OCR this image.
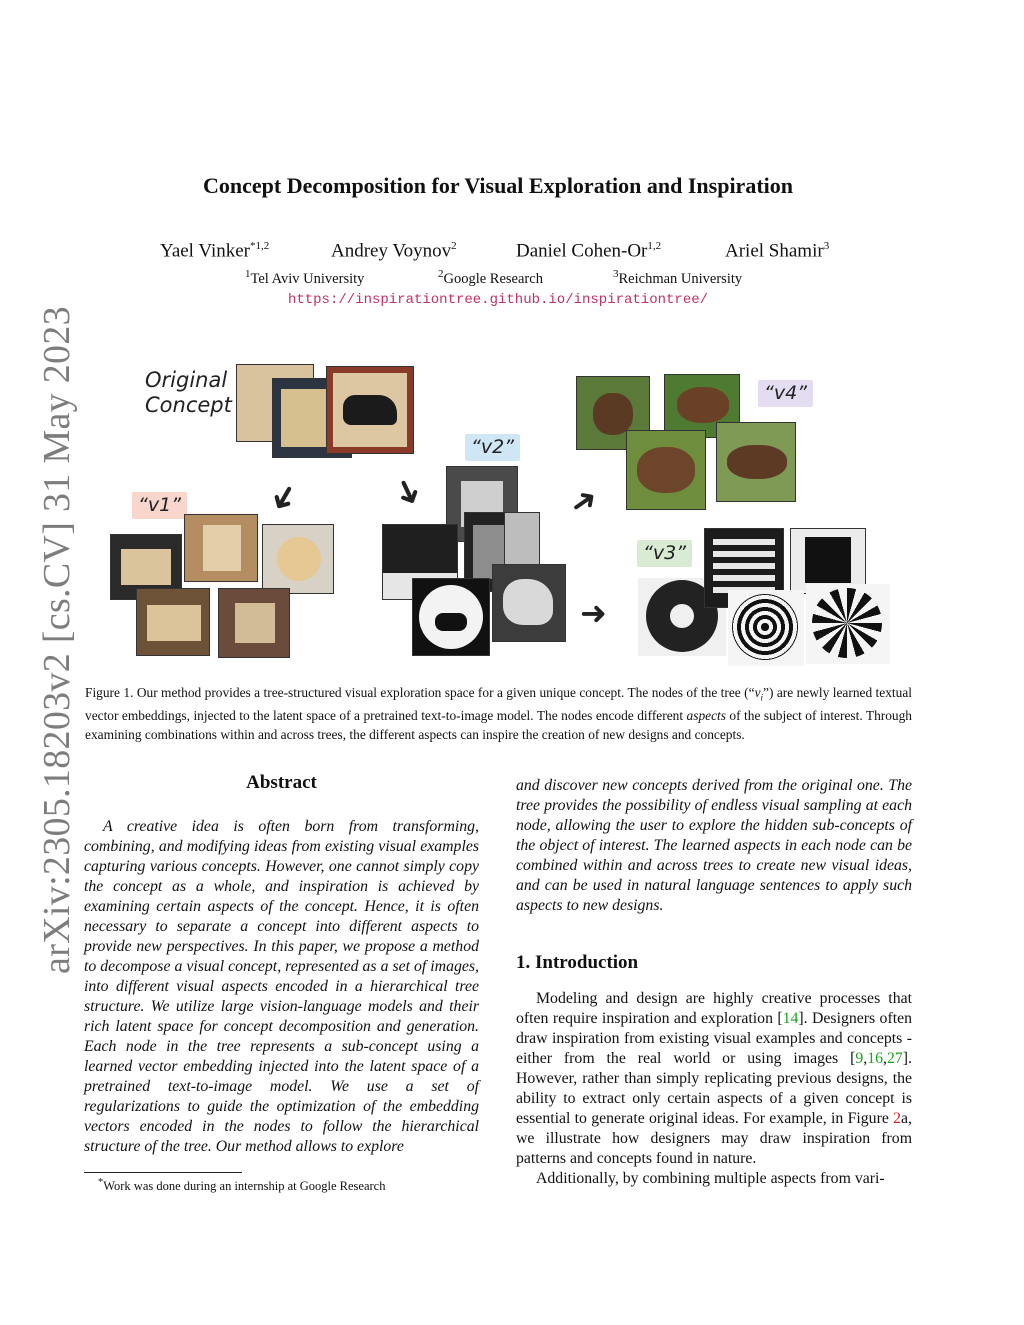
arXiv:2305.18203v2 [cs.CV] 31 May 2023
Concept Decomposition for Visual Exploration and Inspiration
Yael Vinker$^{*1,2}$	Andrey Voynov$^2$	Daniel Cohen-Or$^{1,2}$	Ariel Shamir$^3$
$^1$Tel Aviv University	$^2$Google Research	$^3$Reichman University
https://inspirationtree.github.io/inspirationtree/
Original
Concept
“v1” ➜ ➜
“v2”
➜
➜
“v4”
“v3”
Figure 1. Our method provides a tree-structured visual exploration space for a given unique concept. The nodes of the tree $(“v_i”)$ are newly learned textual vector embeddings, injected to the latent space of a pretrained text-to-image model. The nodes encode different aspects of the subject of interest. Through examining combinations within and across trees, the different aspects can inspire the creation of new designs and concepts.
Abstract

A creative idea is often born from transforming, combining, and modifying ideas from existing visual examples capturing various concepts. However, one cannot simply copy the concept as a whole, and inspiration is achieved by examining certain aspects of the concept. Hence, it is often necessary to separate a concept into different aspects to provide new perspectives. In this paper, we propose a method to decompose a visual concept, represented as a set of images, into different visual aspects encoded in a hierarchical tree structure. We utilize large vision-language models and their rich latent space for concept decomposition and generation. Each node in the tree represents a sub-concept using a learned vector embedding injected into the latent space of a pretrained text-to-image model. We use a set of regularizations to guide the optimization of the embedding vectors encoded in the nodes to follow the hierarchical structure of the tree. Our method allows to explore

and discover new concepts derived from the original one. The tree provides the possibility of endless visual sampling at each node, allowing the user to explore the hidden sub-concepts of the object of interest. The learned aspects in each node can be combined within and across trees to create new visual ideas, and can be used in natural language sentences to apply such aspects to new designs.

1. Introduction

Modeling and design are highly creative processes that often require inspiration and exploration [14]. Designers often draw inspiration from existing visual examples and concepts - either from the real world or using images [9,16,27]. However, rather than simply replicating previous designs, the ability to extract only certain aspects of a given concept is essential to generate original ideas. For example, in Figure 2a, we illustrate how designers may draw inspiration from patterns and concepts found in nature.

Additionally, by combining multiple aspects from vari-

*Work was done during an internship at Google Research
